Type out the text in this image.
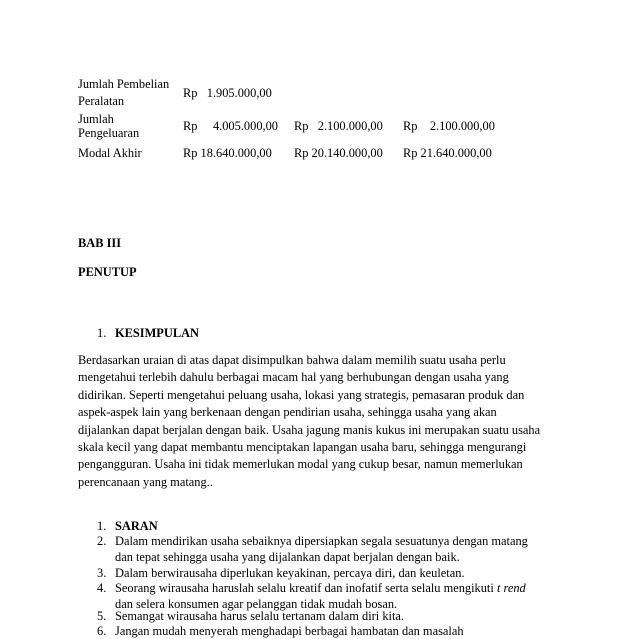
Jumlah Pembelian
Peralatan
Rp   1.905.000,00
Jumlah
Pengeluaran	Rp     4.005.000,00 Rp   2.100.000,00 Rp    2.100.000,00
Modal Akhir	Rp 18.640.000,00 Rp 20.140.000,00 Rp 21.640.000,00
BAB III
PENUTUP
1. KESIMPULAN
Berdasarkan uraian di atas dapat disimpulkan bahwa dalam memilih suatu usaha perlu
mengetahui terlebih dahulu berbagai macam hal yang berhubungan dengan usaha yang
didirikan. Seperti mengetahui peluang usaha, lokasi yang strategis, pemasaran produk dan
aspek-aspek lain yang berkenaan dengan pendirian usaha, sehingga usaha yang akan
dijalankan dapat berjalan dengan baik. Usaha jagung manis kukus ini merupakan suatu usaha
skala kecil yang dapat membantu menciptakan lapangan usaha baru, sehingga mengurangi
pengangguran. Usaha ini tidak memerlukan modal yang cukup besar, namun memerlukan
perencanaan yang matang..
1. SARAN
2. Dalam mendirikan usaha sebaiknya dipersiapkan segala sesuatunya dengan matang
dan tepat sehingga usaha yang dijalankan dapat berjalan dengan baik.
3. Dalam berwirausaha diperlukan keyakinan, percaya diri, dan keuletan.
4. Seorang wirausaha haruslah selalu kreatif dan inofatif serta selalu mengikuti t rend
dan selera konsumen agar pelanggan tidak mudah bosan.
5. Semangat wirausaha harus selalu tertanam dalam diri kita.
6. Jangan mudah menyerah menghadapi berbagai hambatan dan masalah
